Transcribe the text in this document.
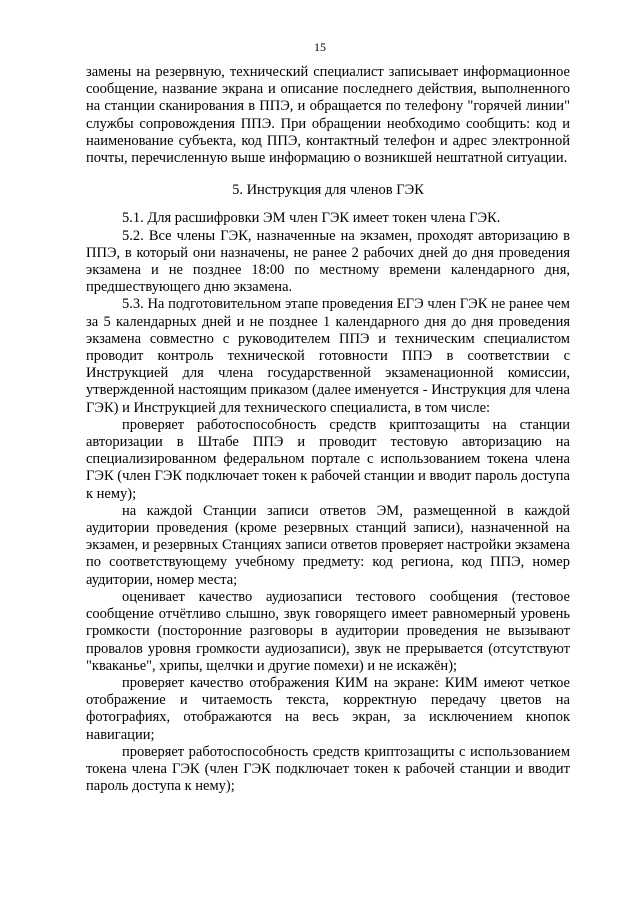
15

замены на резервную, технический специалист записывает информационное сообщение, название экрана и описание последнего действия, выполненного на станции сканирования в ППЭ, и обращается по телефону "горячей линии" службы сопровождения ППЭ. При обращении необходимо сообщить: код и наименование субъекта, код ППЭ, контактный телефон и адрес электронной почты, перечисленную выше информацию о возникшей нештатной ситуации.

5. Инструкция для членов ГЭК

5.1. Для расшифровки ЭМ член ГЭК имеет токен члена ГЭК.

5.2. Все члены ГЭК, назначенные на экзамен, проходят авторизацию в ППЭ, в который они назначены, не ранее 2 рабочих дней до дня проведения экзамена и не позднее 18:00 по местному времени календарного дня, предшествующего дню экзамена.

5.3. На подготовительном этапе проведения ЕГЭ член ГЭК не ранее чем за 5 календарных дней и не позднее 1 календарного дня до дня проведения экзамена совместно с руководителем ППЭ и техническим специалистом проводит контроль технической готовности ППЭ в соответствии с Инструкцией для члена государственной экзаменационной комиссии, утвержденной настоящим приказом (далее именуется - Инструкция для члена ГЭК) и Инструкцией для технического специалиста, в том числе:

проверяет работоспособность средств криптозащиты на станции авторизации в Штабе ППЭ и проводит тестовую авторизацию на специализированном федеральном портале с использованием токена члена ГЭК (член ГЭК подключает токен к рабочей станции и вводит пароль доступа к нему);

на каждой Станции записи ответов ЭМ, размещенной в каждой аудитории проведения (кроме резервных станций записи), назначенной на экзамен, и резервных Станциях записи ответов проверяет настройки экзамена по соответствующему учебному предмету: код региона, код ППЭ, номер аудитории, номер места;

оценивает качество аудиозаписи тестового сообщения (тестовое сообщение отчётливо слышно, звук говорящего имеет равномерный уровень громкости (посторонние разговоры в аудитории проведения не вызывают провалов уровня громкости аудиозаписи), звук не прерывается (отсутствуют "кваканье", хрипы, щелчки и другие помехи) и не искажён);

проверяет качество отображения КИМ на экране: КИМ имеют четкое отображение и читаемость текста, корректную передачу цветов на фотографиях, отображаются на весь экран, за исключением кнопок навигации;

проверяет работоспособность средств криптозащиты с использованием токена члена ГЭК (член ГЭК подключает токен к рабочей станции и вводит пароль доступа к нему);
